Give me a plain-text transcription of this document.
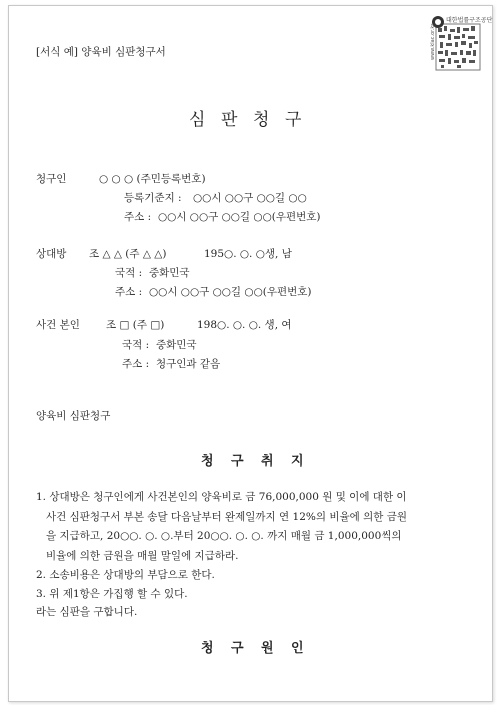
[서식 예] 양육비 심판청구서
대한법률구조공단
www.klac.or.kr
심 판 청 구
청구인	○ ○ ○ (주민등록번호)
등록기준지 : ○○시 ○○구 ○○길 ○○
주소 : ○○시 ○○구 ○○길 ○○(우편번호)
상대방 조 △ △ (주 △ △)	195○. ○. ○생, 남
국적 : 중화민국
주소 : ○○시 ○○구 ○○길 ○○(우편번호)
사건 본인 조 □ (주 □)	198○. ○. ○. 생, 여
국적 : 중화민국
주소 : 청구인과 같음
양육비 심판청구
청 구 취 지
1. 상대방은 청구인에게 사건본인의 양육비로 금 76,000,000 원 및 이에 대한 이
사건 심판청구서 부본 송달 다음날부터 완제일까지 연 12%의 비율에 의한 금원
을 지급하고, 20○○. ○. ○.부터 20○○. ○. ○. 까지 매월 금 1,000,000씩의
비율에 의한 금원을 매월 말일에 지급하라.
2. 소송비용은 상대방의 부담으로 한다.
3. 위 제1항은 가집행 할 수 있다.
라는 심판을 구합니다.
청 구 원 인
